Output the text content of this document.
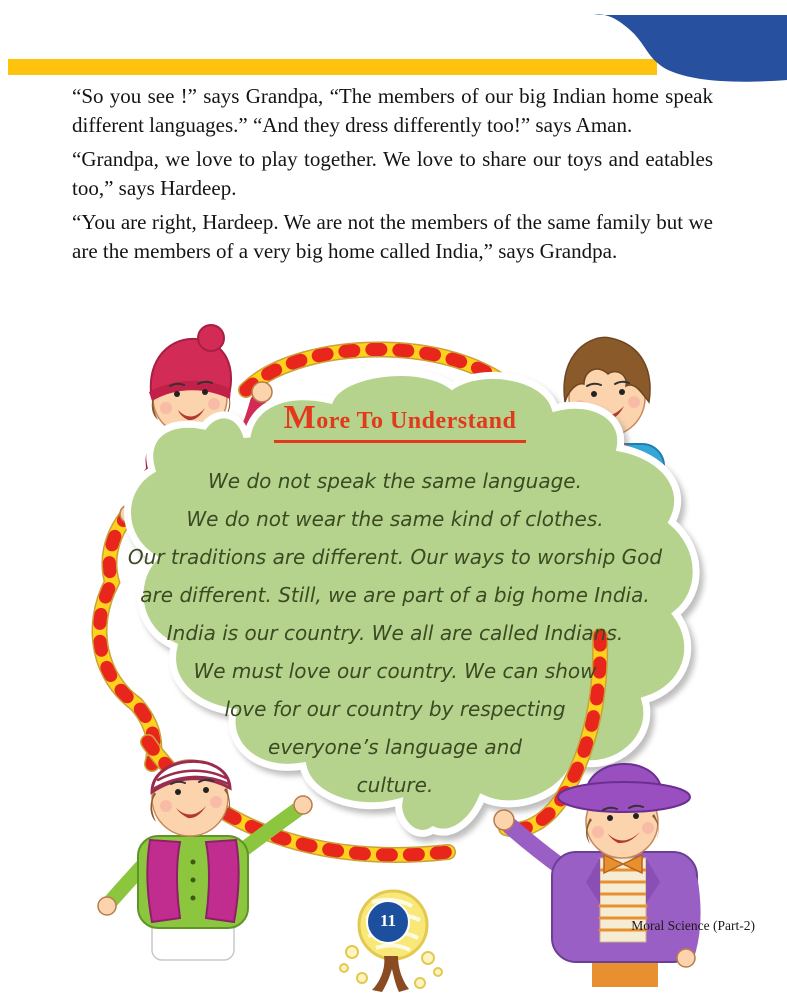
“So you see !” says Grandpa, “The members of our big Indian home speak different languages.” “And they dress differently too!” says Aman.

“Grandpa, we love to play together. We love to share our toys and eatables too,” says Hardeep.

“You are right, Hardeep. We are not the members of the same family but we are the members of a very big home called India,” says Grandpa.

More To Understand
We do not speak the same language.
We do not wear the same kind of clothes.
Our traditions are different. Our ways to worship God
are different. Still, we are part of a big home India.
India is our country. We all are called Indians.
We must love our country. We can show
love for our country by respecting
everyone’s language and
culture.
11	Moral Science (Part-2)
